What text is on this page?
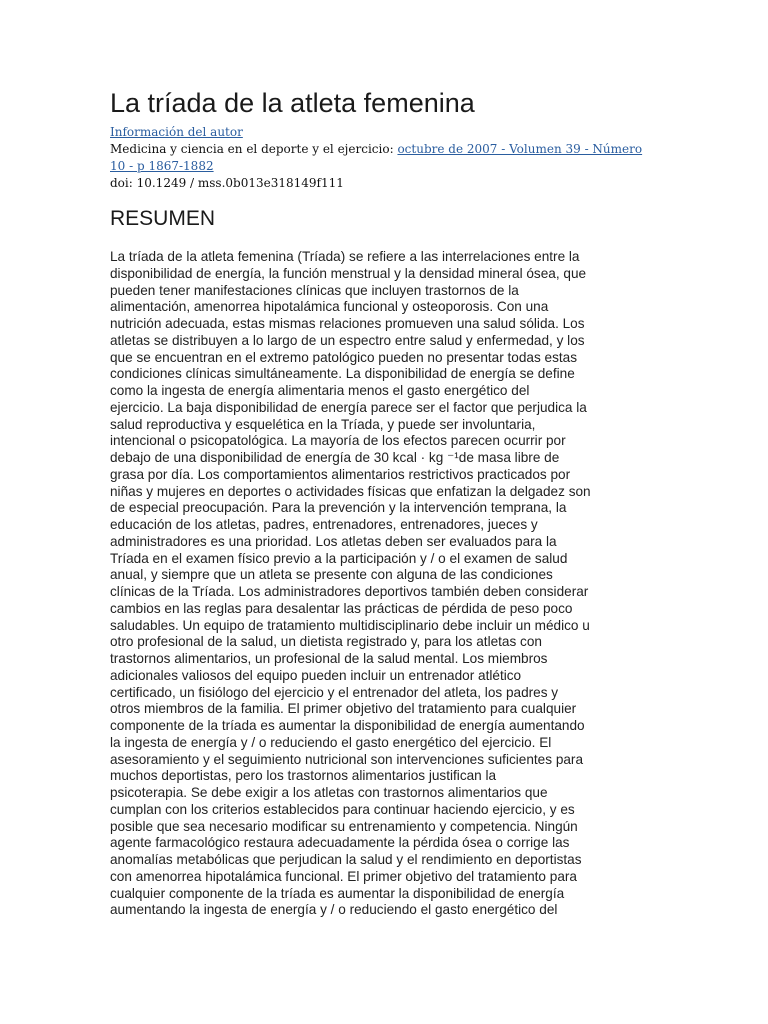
La tríada de la atleta femenina
Información del autor
Medicina y ciencia en el deporte y el ejercicio: octubre de 2007 - Volumen 39 - Número
10 - p 1867-1882
doi: 10.1249 / mss.0b013e318149f111
RESUMEN
La tríada de la atleta femenina (Tríada) se refiere a las interrelaciones entre la
disponibilidad de energía, la función menstrual y la densidad mineral ósea, que
pueden tener manifestaciones clínicas que incluyen trastornos de la
alimentación, amenorrea hipotalámica funcional y osteoporosis. Con una
nutrición adecuada, estas mismas relaciones promueven una salud sólida. Los
atletas se distribuyen a lo largo de un espectro entre salud y enfermedad, y los
que se encuentran en el extremo patológico pueden no presentar todas estas
condiciones clínicas simultáneamente. La disponibilidad de energía se define
como la ingesta de energía alimentaria menos el gasto energético del
ejercicio. La baja disponibilidad de energía parece ser el factor que perjudica la
salud reproductiva y esquelética en la Tríada, y puede ser involuntaria,
intencional o psicopatológica. La mayoría de los efectos parecen ocurrir por
debajo de una disponibilidad de energía de 30 kcal · kg ⁻¹de masa libre de
grasa por día. Los comportamientos alimentarios restrictivos practicados por
niñas y mujeres en deportes o actividades físicas que enfatizan la delgadez son
de especial preocupación. Para la prevención y la intervención temprana, la
educación de los atletas, padres, entrenadores, entrenadores, jueces y
administradores es una prioridad. Los atletas deben ser evaluados para la
Tríada en el examen físico previo a la participación y / o el examen de salud
anual, y siempre que un atleta se presente con alguna de las condiciones
clínicas de la Tríada. Los administradores deportivos también deben considerar
cambios en las reglas para desalentar las prácticas de pérdida de peso poco
saludables. Un equipo de tratamiento multidisciplinario debe incluir un médico u
otro profesional de la salud, un dietista registrado y, para los atletas con
trastornos alimentarios, un profesional de la salud mental. Los miembros
adicionales valiosos del equipo pueden incluir un entrenador atlético
certificado, un fisiólogo del ejercicio y el entrenador del atleta, los padres y
otros miembros de la familia. El primer objetivo del tratamiento para cualquier
componente de la tríada es aumentar la disponibilidad de energía aumentando
la ingesta de energía y / o reduciendo el gasto energético del ejercicio. El
asesoramiento y el seguimiento nutricional son intervenciones suficientes para
muchos deportistas, pero los trastornos alimentarios justifican la
psicoterapia. Se debe exigir a los atletas con trastornos alimentarios que
cumplan con los criterios establecidos para continuar haciendo ejercicio, y es
posible que sea necesario modificar su entrenamiento y competencia. Ningún
agente farmacológico restaura adecuadamente la pérdida ósea o corrige las
anomalías metabólicas que perjudican la salud y el rendimiento en deportistas
con amenorrea hipotalámica funcional. El primer objetivo del tratamiento para
cualquier componente de la tríada es aumentar la disponibilidad de energía
aumentando la ingesta de energía y / o reduciendo el gasto energético del
